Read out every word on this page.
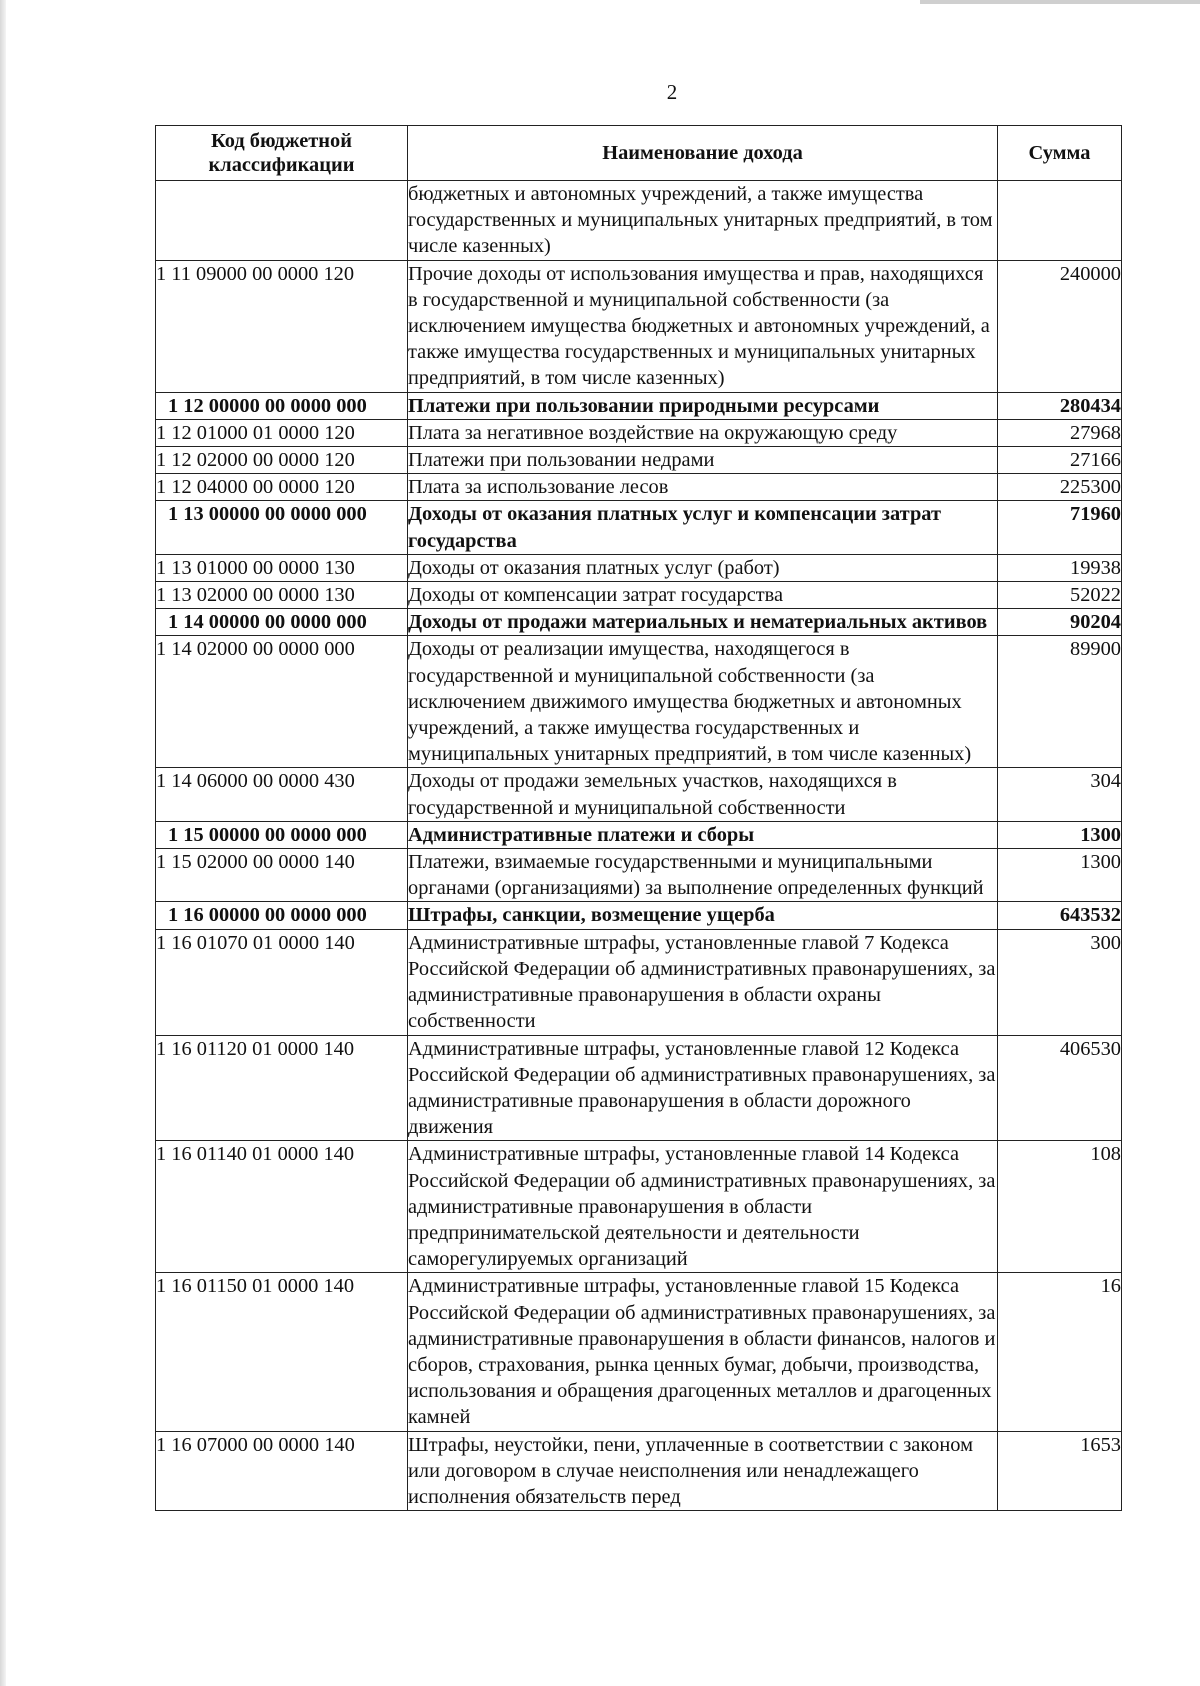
2
Код бюджетной классификации	Наименование дохода	Сумма
	бюджетных и автономных учреждений, а также имущества государственных и муниципальных унитарных предприятий, в том числе казенных)	
1 11 09000 00 0000 120	Прочие доходы от использования имущества и прав, находящихся в государственной и муниципальной собственности (за исключением имущества бюджетных и автономных учреждений, а также имущества государственных и муниципальных унитарных предприятий, в том числе казенных)	240000
1 12 00000 00 0000 000	Платежи при пользовании природными ресурсами	280434
1 12 01000 01 0000 120	Плата за негативное воздействие на окружающую среду	27968
1 12 02000 00 0000 120	Платежи при пользовании недрами	27166
1 12 04000 00 0000 120	Плата за использование лесов	225300
1 13 00000 00 0000 000	Доходы от оказания платных услуг и компенсации затрат государства	71960
1 13 01000 00 0000 130	Доходы от оказания платных услуг (работ)	19938
1 13 02000 00 0000 130	Доходы от компенсации затрат государства	52022
1 14 00000 00 0000 000	Доходы от продажи материальных и нематериальных активов	90204
1 14 02000 00 0000 000	Доходы от реализации имущества, находящегося в государственной и муниципальной собственности (за исключением движимого имущества бюджетных и автономных учреждений, а также имущества государственных и муниципальных унитарных предприятий, в том числе казенных)	89900
1 14 06000 00 0000 430	Доходы от продажи земельных участков, находящихся в государственной и муниципальной собственности	304
1 15 00000 00 0000 000	Административные платежи и сборы	1300
1 15 02000 00 0000 140	Платежи, взимаемые государственными и муниципальными органами (организациями) за выполнение определенных функций	1300
1 16 00000 00 0000 000	Штрафы, санкции, возмещение ущерба	643532
1 16 01070 01 0000 140	Административные штрафы, установленные главой 7 Кодекса Российской Федерации об административных правонарушениях, за административные правонарушения в области охраны собственности	300
1 16 01120 01 0000 140	Административные штрафы, установленные главой 12 Кодекса Российской Федерации об административных правонарушениях, за административные правонарушения в области дорожного движения	406530
1 16 01140 01 0000 140	Административные штрафы, установленные главой 14 Кодекса Российской Федерации об административных правонарушениях, за административные правонарушения в области предпринимательской деятельности и деятельности саморегулируемых организаций	108
1 16 01150 01 0000 140	Административные штрафы, установленные главой 15 Кодекса Российской Федерации об административных правонарушениях, за административные правонарушения в области финансов, налогов и сборов, страхования, рынка ценных бумаг, добычи, производства, использования и обращения драгоценных металлов и драгоценных камней	16
1 16 07000 00 0000 140	Штрафы, неустойки, пени, уплаченные в соответствии с законом или договором в случае неисполнения или ненадлежащего исполнения обязательств перед	1653
